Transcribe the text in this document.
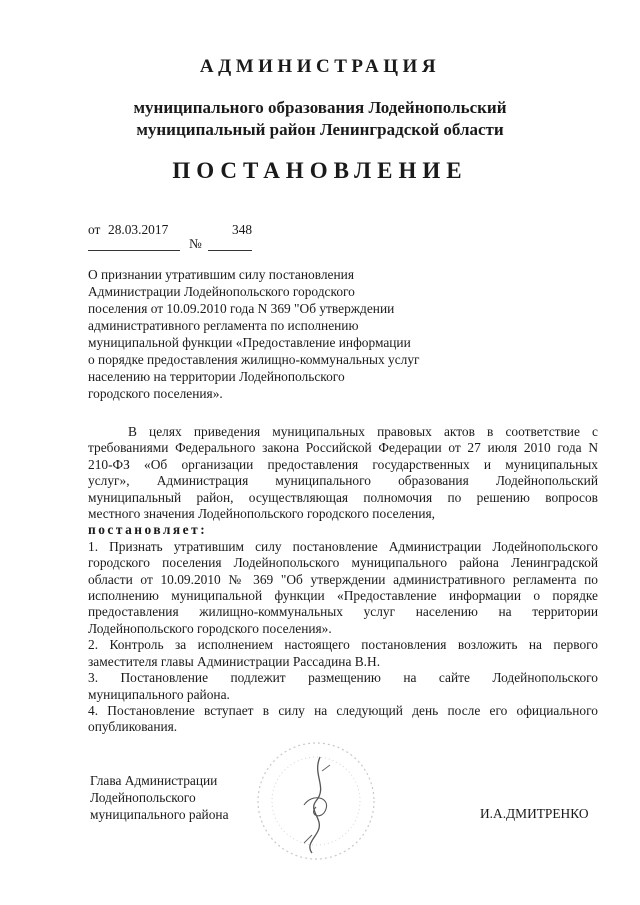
АДМИНИСТРАЦИЯ
муниципального образования Лодейнопольский
муниципальный район Ленинградской области
ПОСТАНОВЛЕНИЕ
от 28.03.2017	348
№
О признании утратившим силу постановления
Администрации Лодейнопольского городского
поселения от 10.09.2010 года N 369 "Об утверждении
административного регламента по исполнению
муниципальной функции «Предоставление информации
о порядке предоставления жилищно-коммунальных услуг
населению на территории Лодейнопольского
городского поселения».
В целях приведения муниципальных правовых актов в соответствие с
требованиями Федерального закона Российской Федерации от 27 июля 2010 года N
210-ФЗ «Об организации предоставления государственных и муниципальных
услуг», Администрация муниципального образования Лодейнопольский
муниципальный район, осуществляющая полномочия по решению вопросов
местного значения Лодейнопольского городского поселения,
постановляет:
1. Признать утратившим силу постановление Администрации Лодейнопольского
городского поселения Лодейнопольского муниципального района Ленинградской
области от 10.09.2010 № 369 "Об утверждении административного регламента по
исполнению муниципальной функции «Предоставление информации о порядке
предоставления жилищно-коммунальных услуг населению на территории
Лодейнопольского городского поселения».
2. Контроль за исполнением настоящего постановления возложить на первого
заместителя главы Администрации Рассадина В.Н.
3. Постановление подлежит размещению на сайте Лодейнопольского
муниципального района.
4. Постановление вступает в силу на следующий день после его официального
опубликования.
Глава Администрации
Лодейнопольского
муниципального района	И.А.ДМИТРЕНКО
